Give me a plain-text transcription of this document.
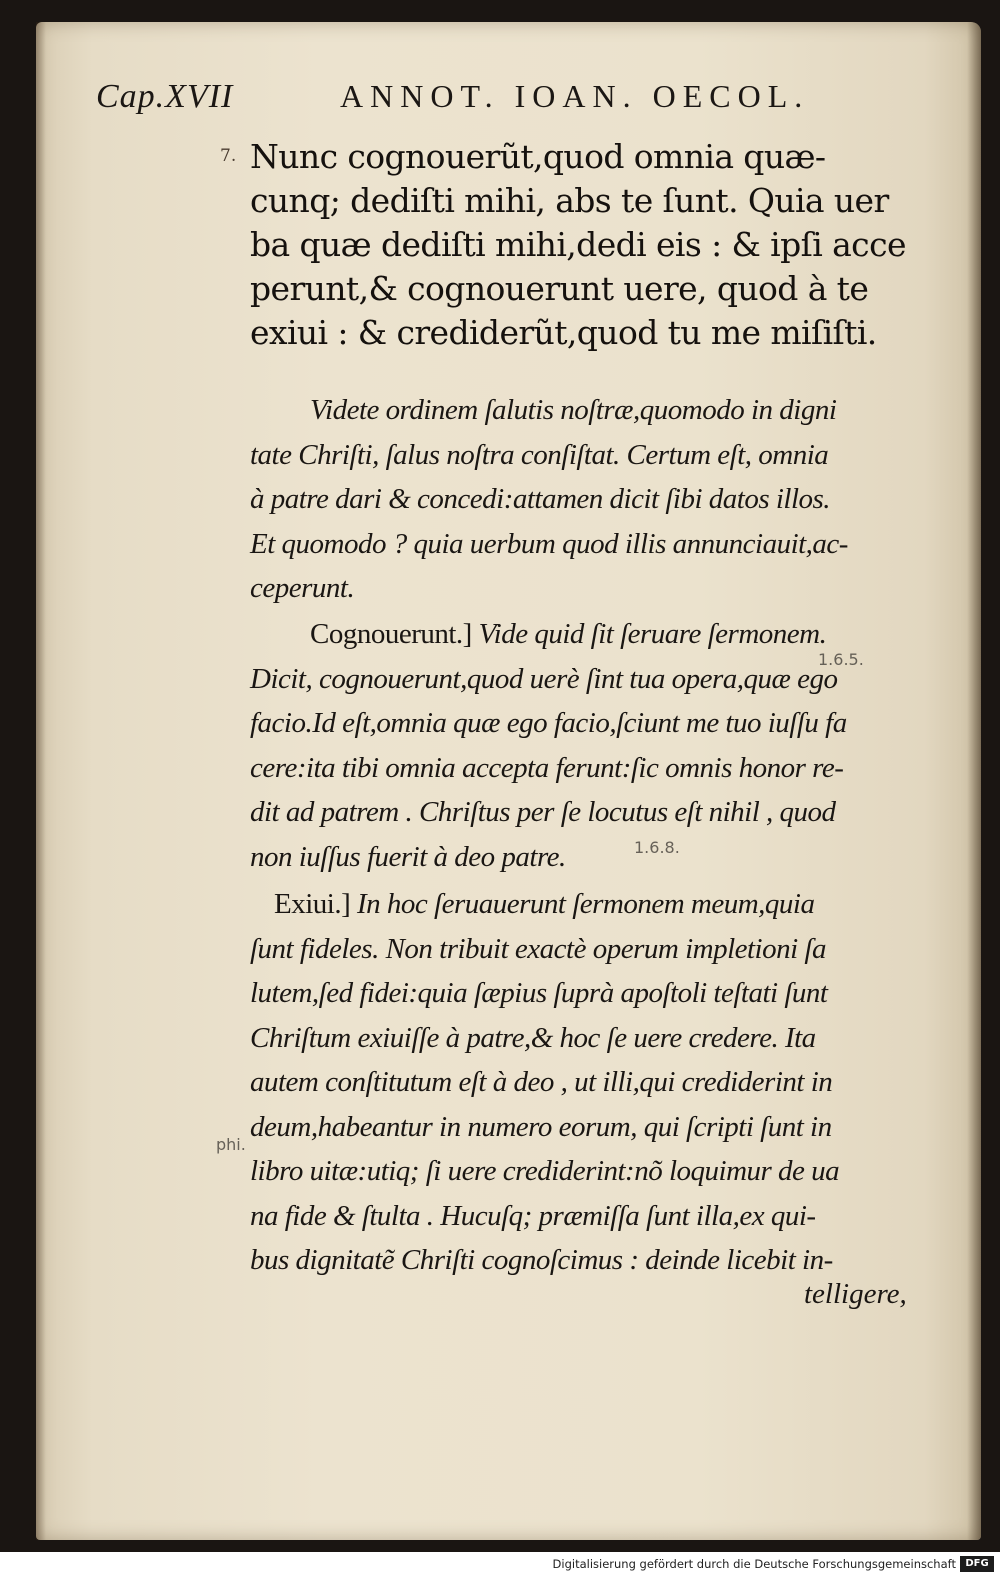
Cap.XVII	ANNOT. IOAN. OECOL.
7. Nunc cognouerũt,quod omnia quæ-
cunq; dediſti mihi, abs te ſunt. Quia uer
ba quæ dediſti mihi,dedi eis : & ipſi acce
perunt,& cognouerunt uere, quod à te
exiui : & crediderũt,quod tu me miſiſti.
Videte ordinem ſalutis noſtræ,quomodo in digni
tate Chriſti, ſalus noſtra conſiſtat. Certum eſt, omnia
à patre dari & concedi:attamen dicit ſibi datos illos.
Et quomodo ? quia uerbum quod illis annunciauit,ac-
ceperunt.
Cognouerunt.] Vide quid ſit ſeruare ſermonem.
Dicit, cognouerunt,quod uerè ſint tua opera,quæ ego
facio.Id eſt,omnia quæ ego facio,ſciunt me tuo iuſſu fa
cere:ita tibi omnia accepta ferunt:ſic omnis honor re-
dit ad patrem . Chriſtus per ſe locutus eſt nihil , quod
non iuſſus fuerit à deo patre.
Exiui.] In hoc ſeruauerunt ſermonem meum,quia
ſunt fideles. Non tribuit exactè operum impletioni ſa
lutem,ſed fidei:quia ſæpius ſuprà apoſtoli teſtati ſunt
Chriſtum exiuiſſe à patre,& hoc ſe uere credere. Ita
autem conſtitutum eſt à deo , ut illi,qui crediderint in
deum,habeantur in numero eorum, qui ſcripti ſunt in
libro uitæ:utiq; ſi uere crediderint:nõ loquimur de ua
na fide & ſtulta . Hucuſq; præmiſſa ſunt illa,ex qui-
bus dignitatẽ Chriſti cognoſcimus : deinde licebit in-
telligere,
1.6.5.
1.6.8.
phi.
Digitalisierung gefördert durch die Deutsche Forschungsgemeinschaft DFG
